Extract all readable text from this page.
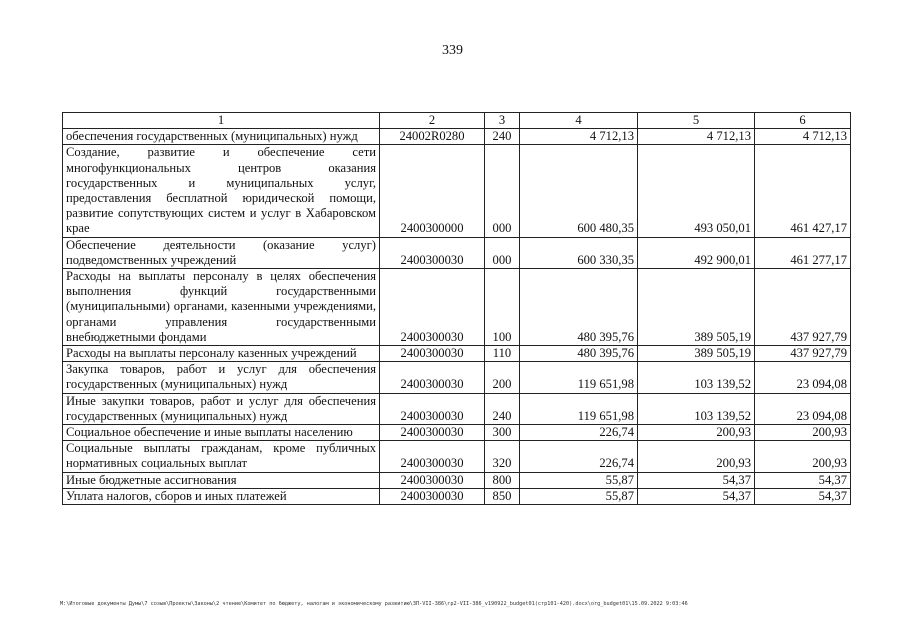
339
1	2	3	4	5	6
обеспечения государственных (муниципальных) нужд	24002R0280	240	4 712,13	4 712,13	4 712,13
Создание, развитие и обеспечение сети многофункциональных центров оказания государственных и муниципальных услуг, предоставления бесплатной юридической помощи, развитие сопутствующих систем и услуг в Хабаровском крае	2400300000	000	600 480,35	493 050,01	461 427,17
Обеспечение деятельности (оказание услуг) подведомственных учреждений	2400300030	000	600 330,35	492 900,01	461 277,17
Расходы на выплаты персоналу в целях обеспечения выполнения функций государственными (муниципальными) органами, казенными учреждениями, органами управления государственными внебюджетными фондами	2400300030	100	480 395,76	389 505,19	437 927,79
Расходы на выплаты персоналу казенных учреждений	2400300030	110	480 395,76	389 505,19	437 927,79
Закупка товаров, работ и услуг для обеспечения государственных (муниципальных) нужд	2400300030	200	119 651,98	103 139,52	23 094,08
Иные закупки товаров, работ и услуг для обеспечения государственных (муниципальных) нужд	2400300030	240	119 651,98	103 139,52	23 094,08
Социальное обеспечение и иные выплаты населению	2400300030	300	226,74	200,93	200,93
Социальные выплаты гражданам, кроме публичных нормативных социальных выплат	2400300030	320	226,74	200,93	200,93
Иные бюджетные ассигнования	2400300030	800	55,87	54,37	54,37
Уплата налогов, сборов и иных платежей	2400300030	850	55,87	54,37	54,37
M:\Итоговые документы Думы\7 созыв\Проекты\Законы\2 чтение\Комитет по бюджету, налогам и экономическому развитию\ЗП-VII-386\гр2-VII-386_v190922_budget01(стр101-420).docx\org_budget01\15.09.2022 9:03:46
